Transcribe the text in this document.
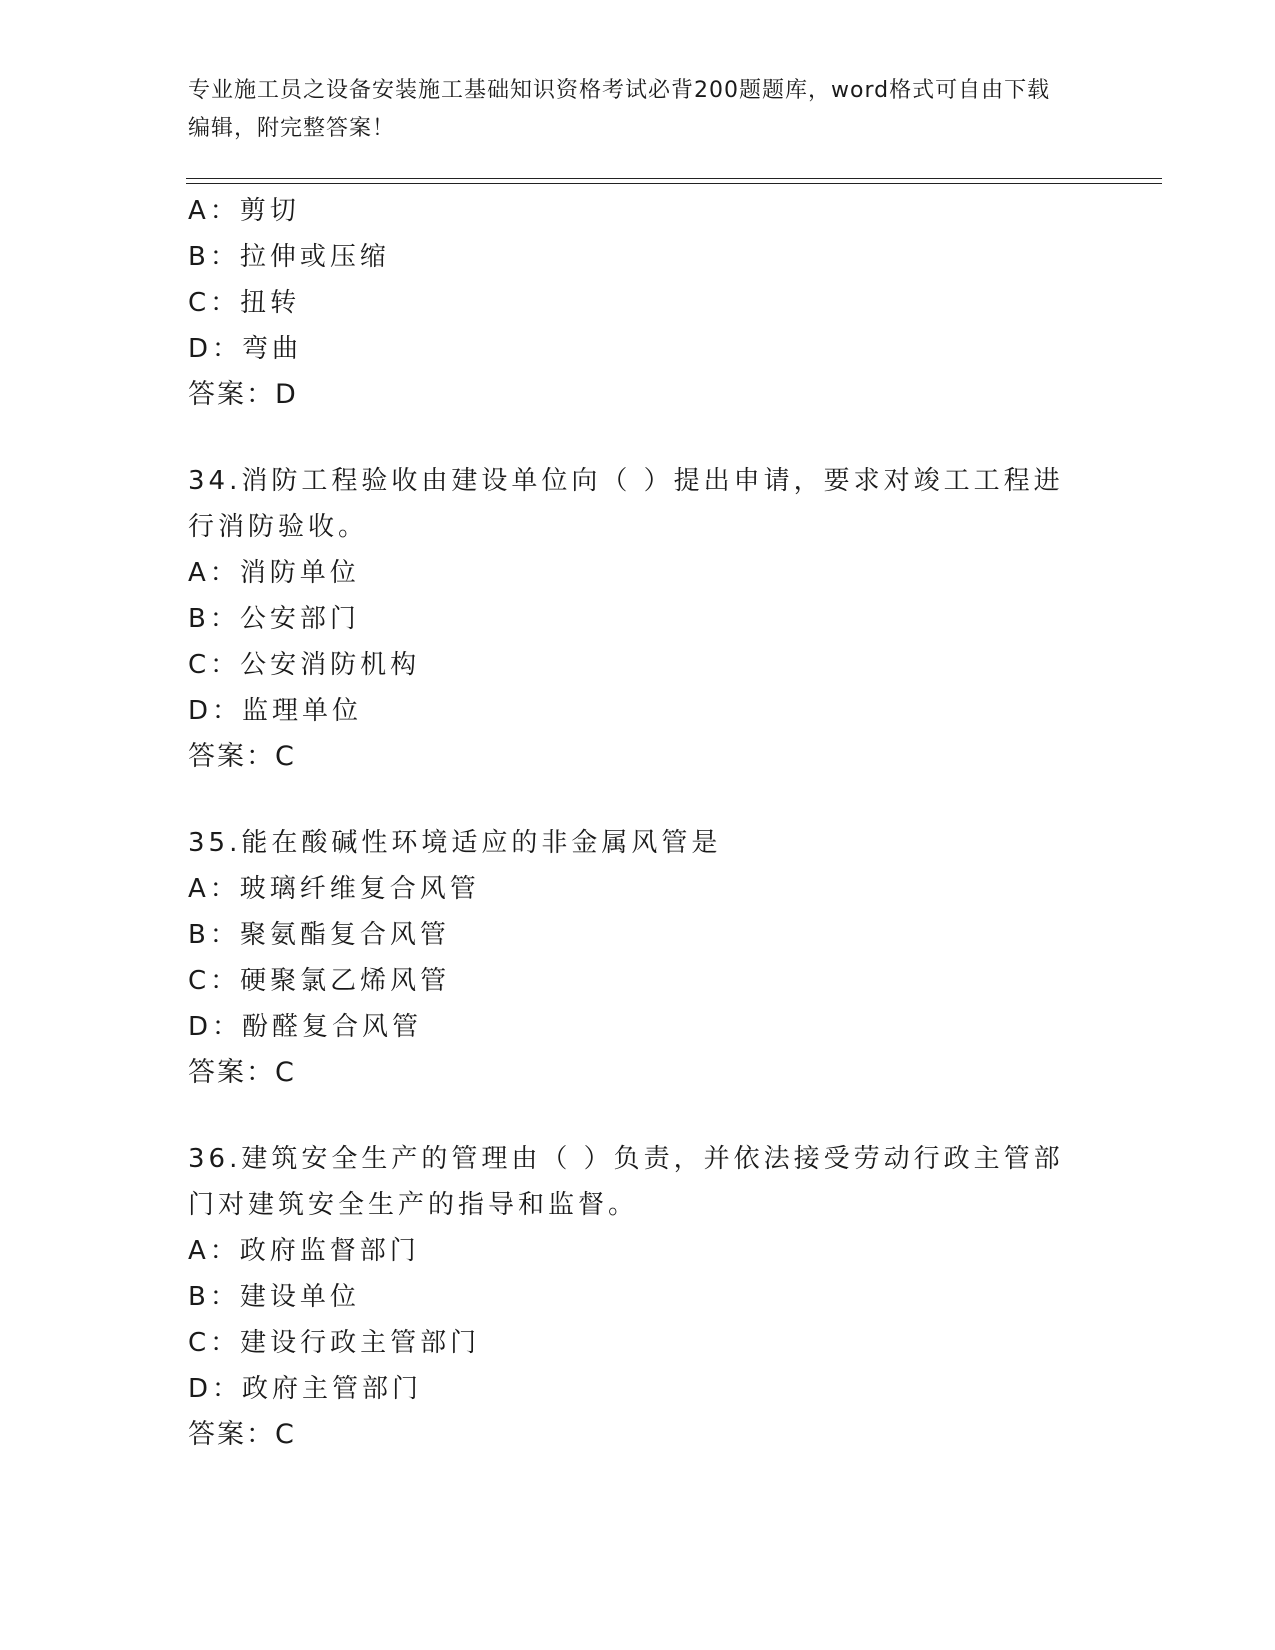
专业施工员之设备安装施工基础知识资格考试必背200题题库，word格式可自由下载编辑，附完整答案！
A：剪切
B：拉伸或压缩
C：扭转
D：弯曲
答案：D
34.消防工程验收由建设单位向（ ）提出申请，要求对竣工工程进行消防验收。
A：消防单位
B：公安部门
C：公安消防机构
D：监理单位
答案：C
35.能在酸碱性环境适应的非金属风管是
A：玻璃纤维复合风管
B：聚氨酯复合风管
C：硬聚氯乙烯风管
D：酚醛复合风管
答案：C
36.建筑安全生产的管理由（ ）负责，并依法接受劳动行政主管部门对建筑安全生产的指导和监督。
A：政府监督部门
B：建设单位
C：建设行政主管部门
D：政府主管部门
答案：C
